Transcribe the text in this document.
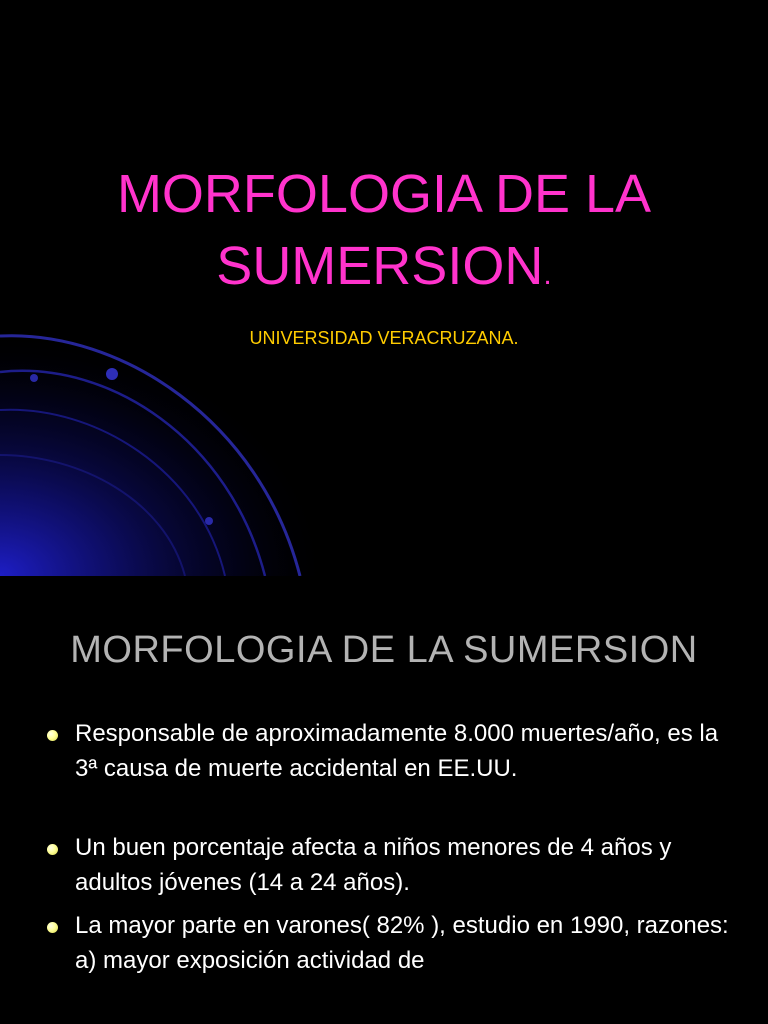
MORFOLOGIA DE LA SUMERSION.

UNIVERSIDAD VERACRUZANA.

MORFOLOGIA DE LA SUMERSION
Responsable de aproximadamente 8.000 muertes/año, es la 3ª causa de muerte accidental en EE.UU.
Un buen porcentaje afecta a niños menores de 4 años y adultos jóvenes (14 a 24 años).
La mayor parte en varones( 82% ), estudio en 1990, razones: a) mayor exposición actividad de
